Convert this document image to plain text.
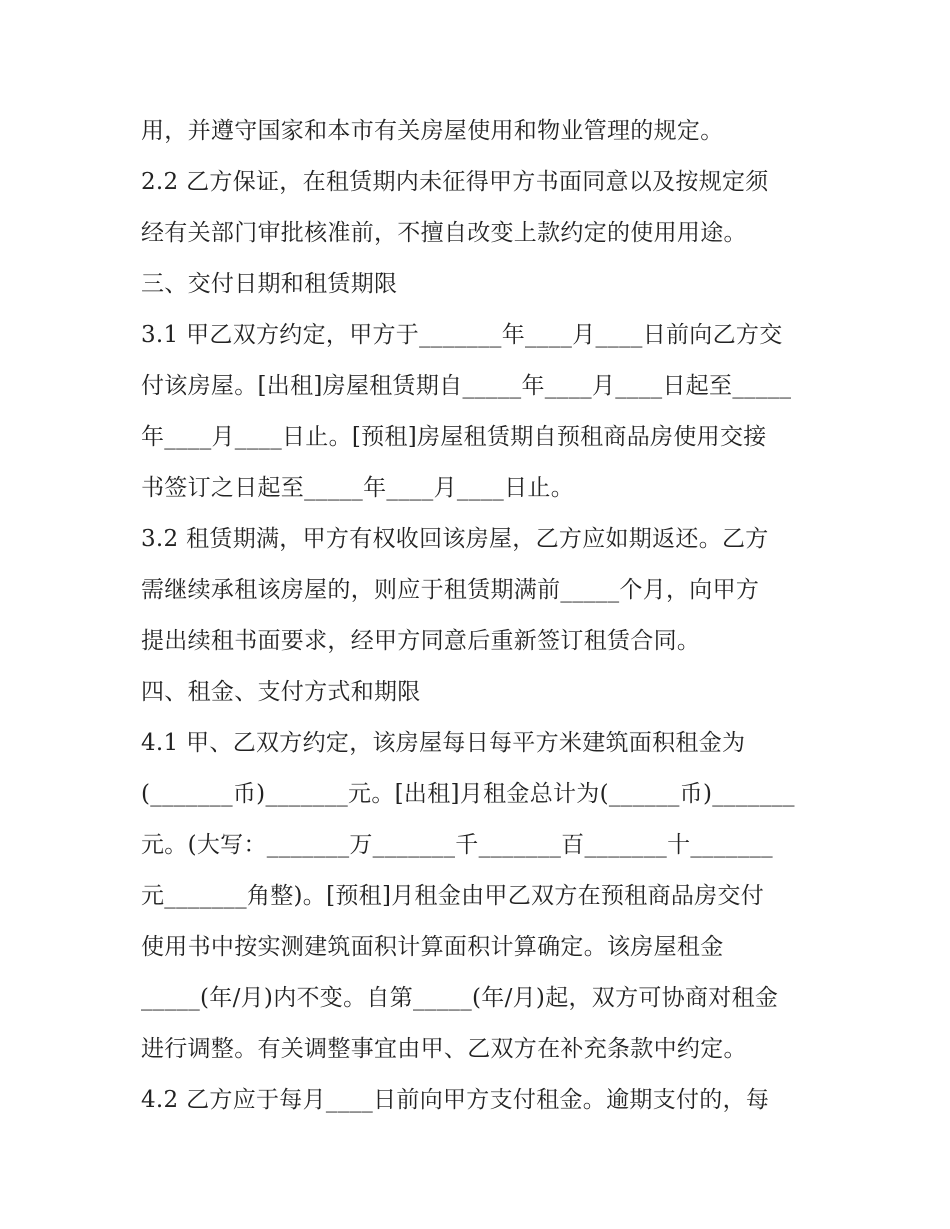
用，并遵守国家和本市有关房屋使用和物业管理的规定。
2.2 乙方保证，在租赁期内未征得甲方书面同意以及按规定须
经有关部门审批核准前，不擅自改变上款约定的使用用途。
三、交付日期和租赁期限
3.1 甲乙双方约定，甲方于_______年____月____日前向乙方交
付该房屋。[出租]房屋租赁期自_____年____月____日起至_____
年____月____日止。[预租]房屋租赁期自预租商品房使用交接
书签订之日起至_____年____月____日止。
3.2 租赁期满，甲方有权收回该房屋，乙方应如期返还。乙方
需继续承租该房屋的，则应于租赁期满前_____个月，向甲方
提出续租书面要求，经甲方同意后重新签订租赁合同。
四、租金、支付方式和期限
4.1 甲、乙双方约定，该房屋每日每平方米建筑面积租金为
(_______币)_______元。[出租]月租金总计为(______币)_______
元。(大写：_______万_______千_______百_______十_______
元_______角整)。[预租]月租金由甲乙双方在预租商品房交付
使用书中按实测建筑面积计算面积计算确定。该房屋租金
_____(年/月)内不变。自第_____(年/月)起，双方可协商对租金
进行调整。有关调整事宜由甲、乙双方在补充条款中约定。
4.2 乙方应于每月____日前向甲方支付租金。逾期支付的，每
